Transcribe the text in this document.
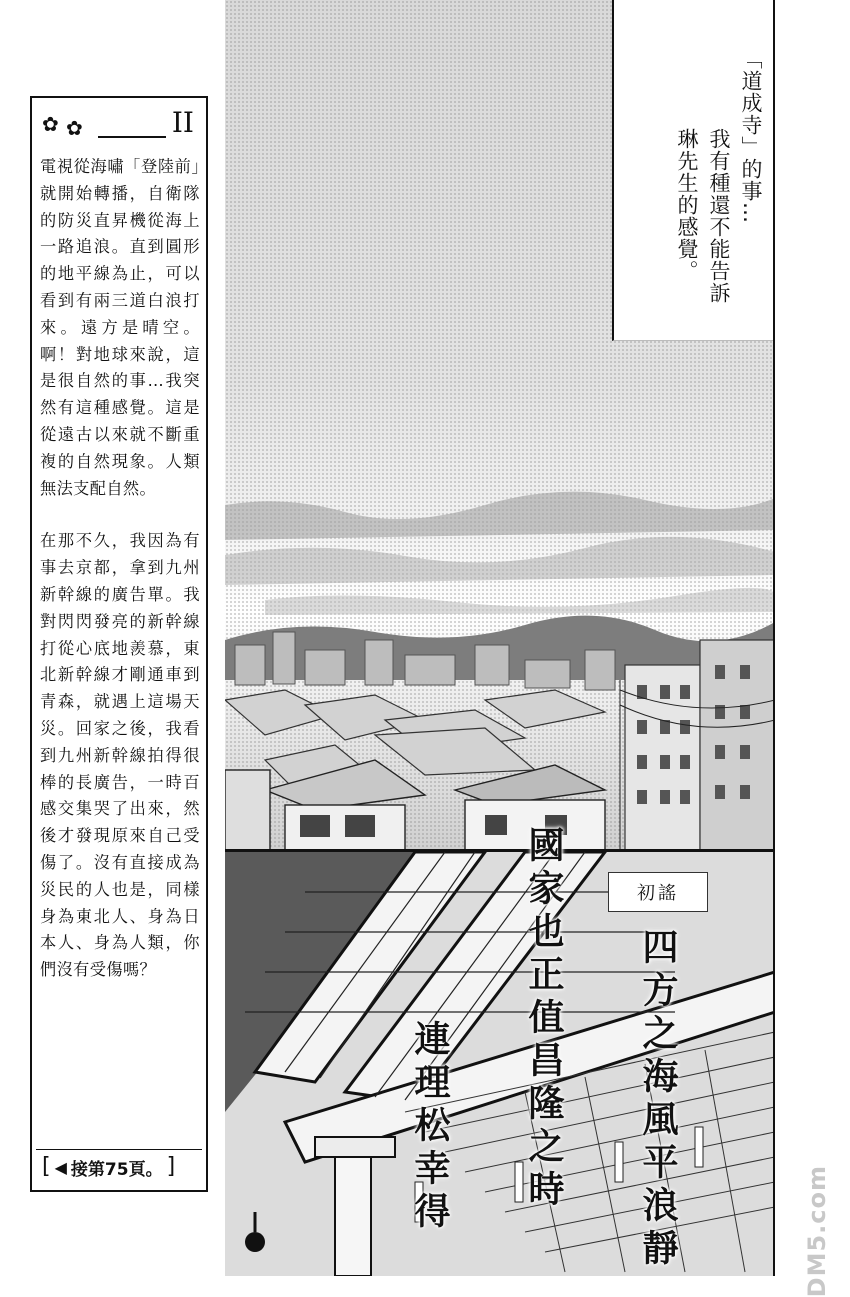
✿ ✿	II

電視從海嘯「登陸前」就開始轉播，自衛隊的防災直昇機從海上一路追浪。直到圓形的地平線為止，可以看到有兩三道白浪打來。遠方是晴空。啊！對地球來說，這是很自然的事…我突然有這種感覺。這是從遠古以來就不斷重複的自然現象。人類無法支配自然。

在那不久，我因為有事去京都，拿到九州新幹線的廣告單。我對閃閃發亮的新幹線打從心底地羨慕，東北新幹線才剛通車到青森，就遇上這場天災。回家之後，我看到九州新幹線拍得很棒的長廣告，一時百感交集哭了出來，然後才發現原來自己受傷了。沒有直接成為災民的人也是，同樣身為東北人、身為日本人、身為人類，你們沒有受傷嗎？

[ ◀ 接第75頁。 ]
「道成寺」的事…
我有種還不能告訴
琳先生的感覺。
初謠
四方之海風平浪靜
國家也正值昌隆之時
連理松幸得	DM5.com
